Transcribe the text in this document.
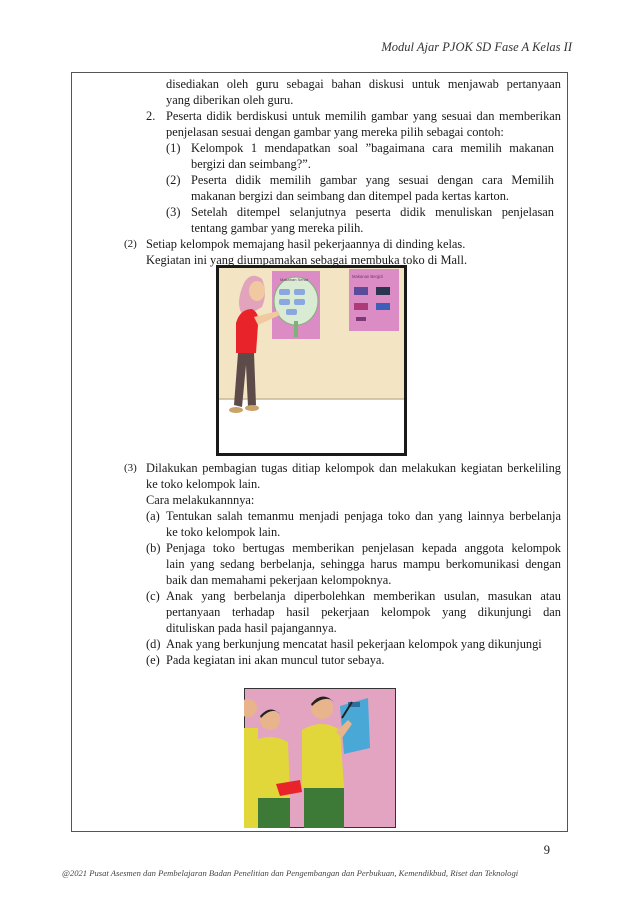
Modul Ajar PJOK SD Fase A Kelas II
disediakan oleh guru sebagai bahan diskusi untuk menjawab pertanyaan
yang diberikan oleh guru.
2. Peserta didik berdiskusi untuk memilih gambar yang sesuai dan memberikan
penjelasan sesuai dengan gambar yang mereka pilih sebagai contoh:
(1) Kelompok 1 mendapatkan soal ”bagaimana cara memilih makanan
bergizi dan seimbang?”.
(2) Peserta didik memilih gambar yang sesuai dengan cara Memilih
makanan bergizi dan seimbang dan ditempel pada kertas karton.
(3) Setelah ditempel selanjutnya peserta didik menuliskan penjelasan
tentang gambar yang mereka pilih.
(2) Setiap kelompok memajang hasil pekerjaannya di dinding kelas.
Kegiatan ini yang diumpamakan sebagai membuka toko di Mall.
Makanan Sehat
Makanan Bergizi
(3) Dilakukan pembagian tugas ditiap kelompok dan melakukan kegiatan berkeliling
ke toko kelompok lain.
Cara melakukannnya:
(a) Tentukan salah temanmu menjadi penjaga toko dan yang lainnya berbelanja
ke toko kelompok lain.
(b) Penjaga toko bertugas memberikan penjelasan kepada anggota kelompok
lain yang sedang berbelanja, sehingga harus mampu berkomunikasi dengan
baik dan memahami pekerjaan kelompoknya.
(c) Anak yang berbelanja diperbolehkan memberikan usulan, masukan atau
pertanyaan terhadap hasil pekerjaan kelompok yang dikunjungi dan
dituliskan pada hasil pajangannya.
(d) Anak yang berkunjung mencatat hasil pekerjaan kelompok yang dikunjungi
(e) Pada kegiatan ini akan muncul tutor sebaya.
9
@2021 Pusat Asesmen dan Pembelajaran Badan Penelitian dan Pengembangan dan Perbukuan, Kemendikbud, Riset dan Teknologi
